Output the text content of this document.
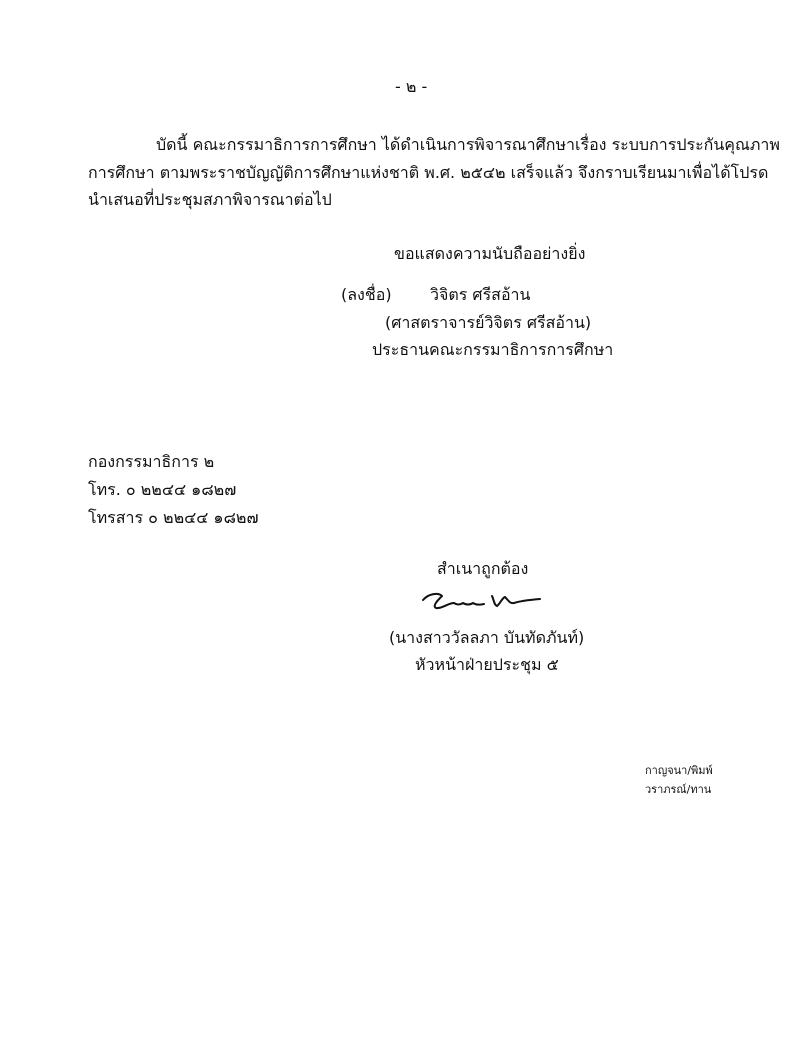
- ๒ -
บัดนี้ คณะกรรมาธิการการศึกษา ได้ดำเนินการพิจารณาศึกษาเรื่อง ระบบการประกันคุณภาพ
การศึกษา ตามพระราชบัญญัติการศึกษาแห่งชาติ พ.ศ. ๒๕๔๒ เสร็จแล้ว จึงกราบเรียนมาเพื่อได้โปรด
นำเสนอที่ประชุมสภาพิจารณาต่อไป
ขอแสดงความนับถืออย่างยิ่ง
(ลงชื่อ) วิจิตร ศรีสอ้าน
(ศาสตราจารย์วิจิตร ศรีสอ้าน)
ประธานคณะกรรมาธิการการศึกษา
กองกรรมาธิการ ๒
โทร. ๐ ๒๒๔๔ ๑๘๒๗
โทรสาร ๐ ๒๒๔๔ ๑๘๒๗
สำเนาถูกต้อง
(นางสาววัลลภา บันทัดภันท์)
หัวหน้าฝ่ายประชุม ๕
กาญจนา/พิมพ์
วราภรณ์/ทาน
